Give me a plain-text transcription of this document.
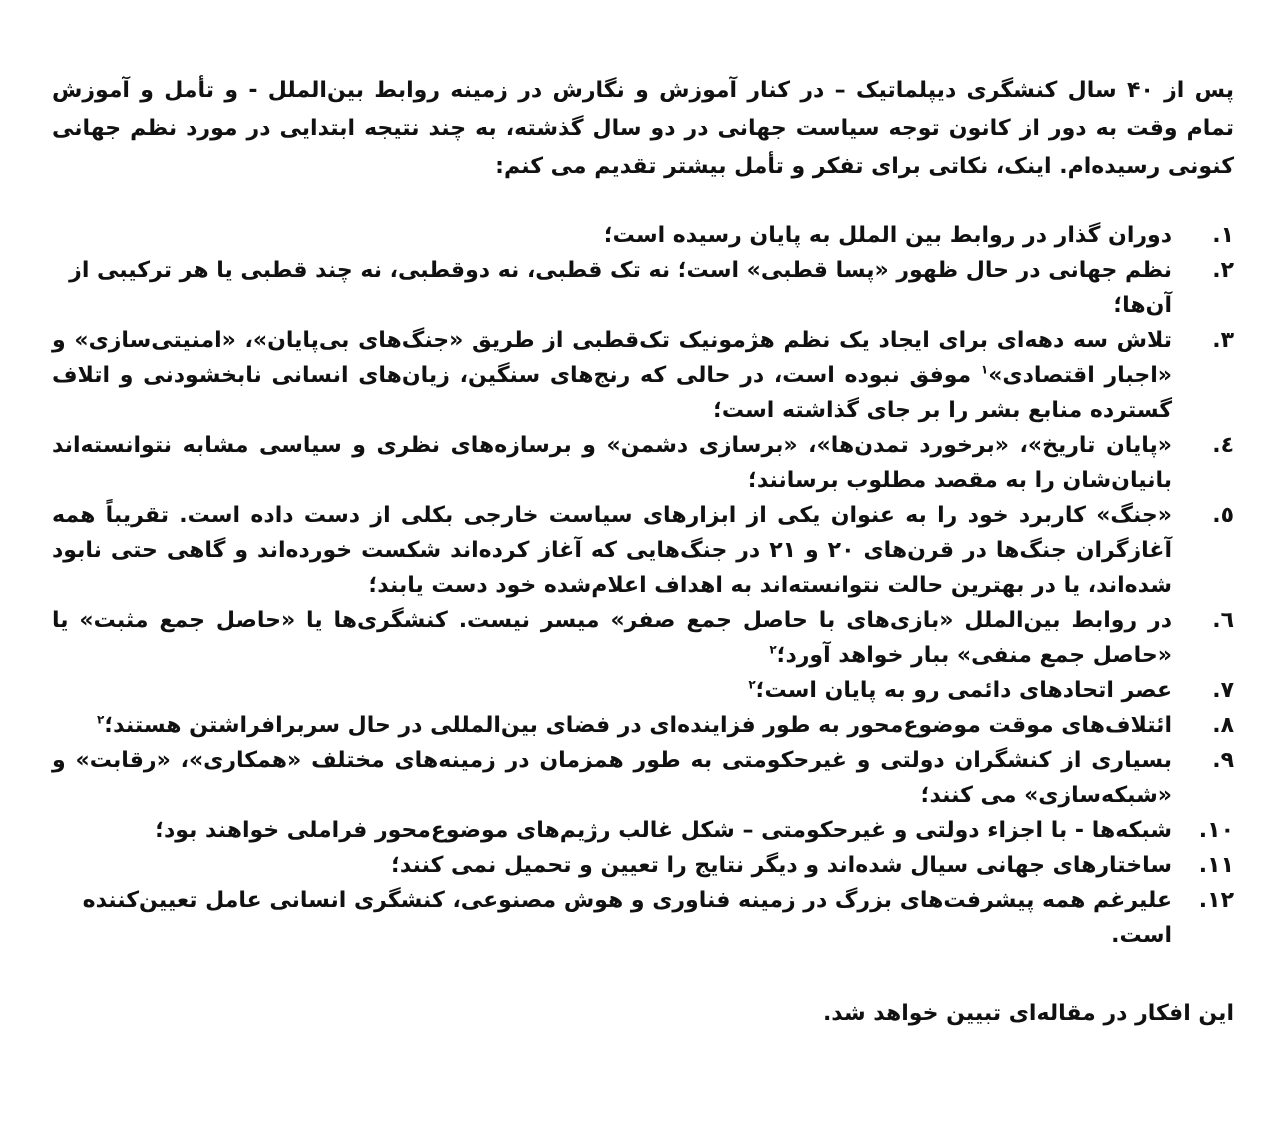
پس از ۴۰ سال کنشگری دیپلماتیک – در کنار آموزش و نگارش در زمینه روابط بین‌الملل - و تأمل و آموزش تمام وقت به دور از کانون توجه سیاست جهانی در دو سال گذشته، به چند نتیجه ابتدایی در مورد نظم جهانی کنونی رسیده‌ام. اینک، نکاتی برای تفکر و تأمل بیشتر تقدیم می کنم:

١.
دوران گذار در روابط بین الملل به پایان رسیده است؛
٢.
نظم جهانی در حال ظهور «پسا قطبی» است؛ نه تک قطبی، نه دوقطبی، نه چند قطبی یا هر ترکیبی از آن‌ها؛
٣.
تلاش سه دهه‌ای برای ایجاد یک نظم هژمونیک تک‌قطبی از طریق «جنگ‌های بی‌پایان»، «امنیتی‌سازی» و «اجبار اقتصادی»$^۱$ موفق نبوده است، در حالی که رنج‌های سنگین، زیان‌های انسانی نابخشودنی و اتلاف گسترده منابع بشر را بر جای گذاشته است؛
٤.
«پایان تاریخ»، «برخورد تمدن‌ها»، «برسازی دشمن» و برسازه‌های نظری و سیاسی مشابه نتوانسته‌اند بانیان‌شان را به مقصد مطلوب برسانند؛
٥.
«جنگ» کاربرد خود را به عنوان یکی از ابزارهای سیاست خارجی بکلی از دست داده است. تقریباً همه آغازگران جنگ‌ها در قرن‌های ٢٠ و ٢١ در جنگ‌هایی که آغاز کرده‌اند شکست خورده‌اند و گاهی حتی نابود شده‌اند، یا در بهترین حالت نتوانسته‌اند به اهداف اعلام‌شده خود دست یابند؛
٦.
در روابط بین‌الملل «بازی‌های با حاصل جمع صفر» میسر نیست. کنشگری‌ها یا «حاصل جمع مثبت» یا «حاصل جمع منفی» ببار خواهد آورد؛$^۲$
٧.
عصر اتحادهای دائمی رو به پایان است؛$^۲$
٨.
ائتلاف‌های موقت موضوع‌محور به طور فزاینده‌ای در فضای بین‌المللی در حال سربرافراشتن هستند؛$^۲$
٩.
بسیاری از کنشگران دولتی و غیرحکومتی به طور همزمان در زمینه‌های مختلف «همکاری»، «رقابت» و «شبکه‌سازی» می کنند؛
١٠.
شبکه‌ها - با اجزاء دولتی و غیرحکومتی – شکل غالب رژیم‌های موضوع‌محور فراملی خواهند بود؛
١١.
ساختارهای جهانی سیال شده‌اند و دیگر نتایج را تعیین و تحمیل نمی کنند؛
١٢.
علیرغم همه پیشرفت‌های بزرگ در زمینه فناوری و هوش مصنوعی، کنشگری انسانی عامل تعیین‌کننده است.

این افکار در مقاله‌ای تبیین خواهد شد.
